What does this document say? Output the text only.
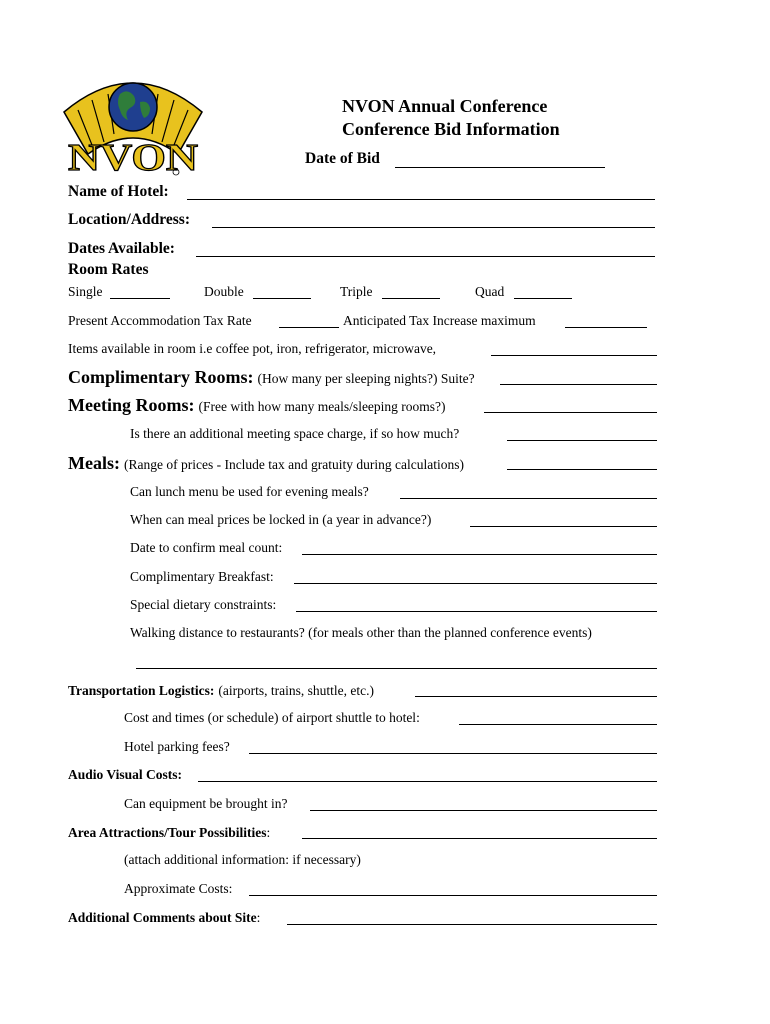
NVON
NVON Annual Conference
Conference Bid Information
Date of Bid
Name of Hotel:
Location/Address:
Dates Available:
Room Rates
Single	Double	Triple	Quad
Present Accommodation Tax Rate	Anticipated Tax Increase maximum
Items available in room i.e coffee pot, iron, refrigerator, microwave,
Complimentary Rooms: (How many per sleeping nights?) Suite?
Meeting Rooms: (Free with how many meals/sleeping rooms?)
Is there an additional meeting space charge, if so how much?
Meals: (Range of prices - Include tax and gratuity during calculations)
Can lunch menu be used for evening meals?
When can meal prices be locked in (a year in advance?)
Date to confirm meal count:
Complimentary Breakfast:
Special dietary constraints:
Walking distance to restaurants? (for meals other than the planned conference events)
Transportation Logistics: (airports, trains, shuttle, etc.)
Cost and times (or schedule) of airport shuttle to hotel:
Hotel parking fees?
Audio Visual Costs:
Can equipment be brought in?
Area Attractions/Tour Possibilities:
(attach additional information: if necessary)
Approximate Costs:
Additional Comments about Site:
